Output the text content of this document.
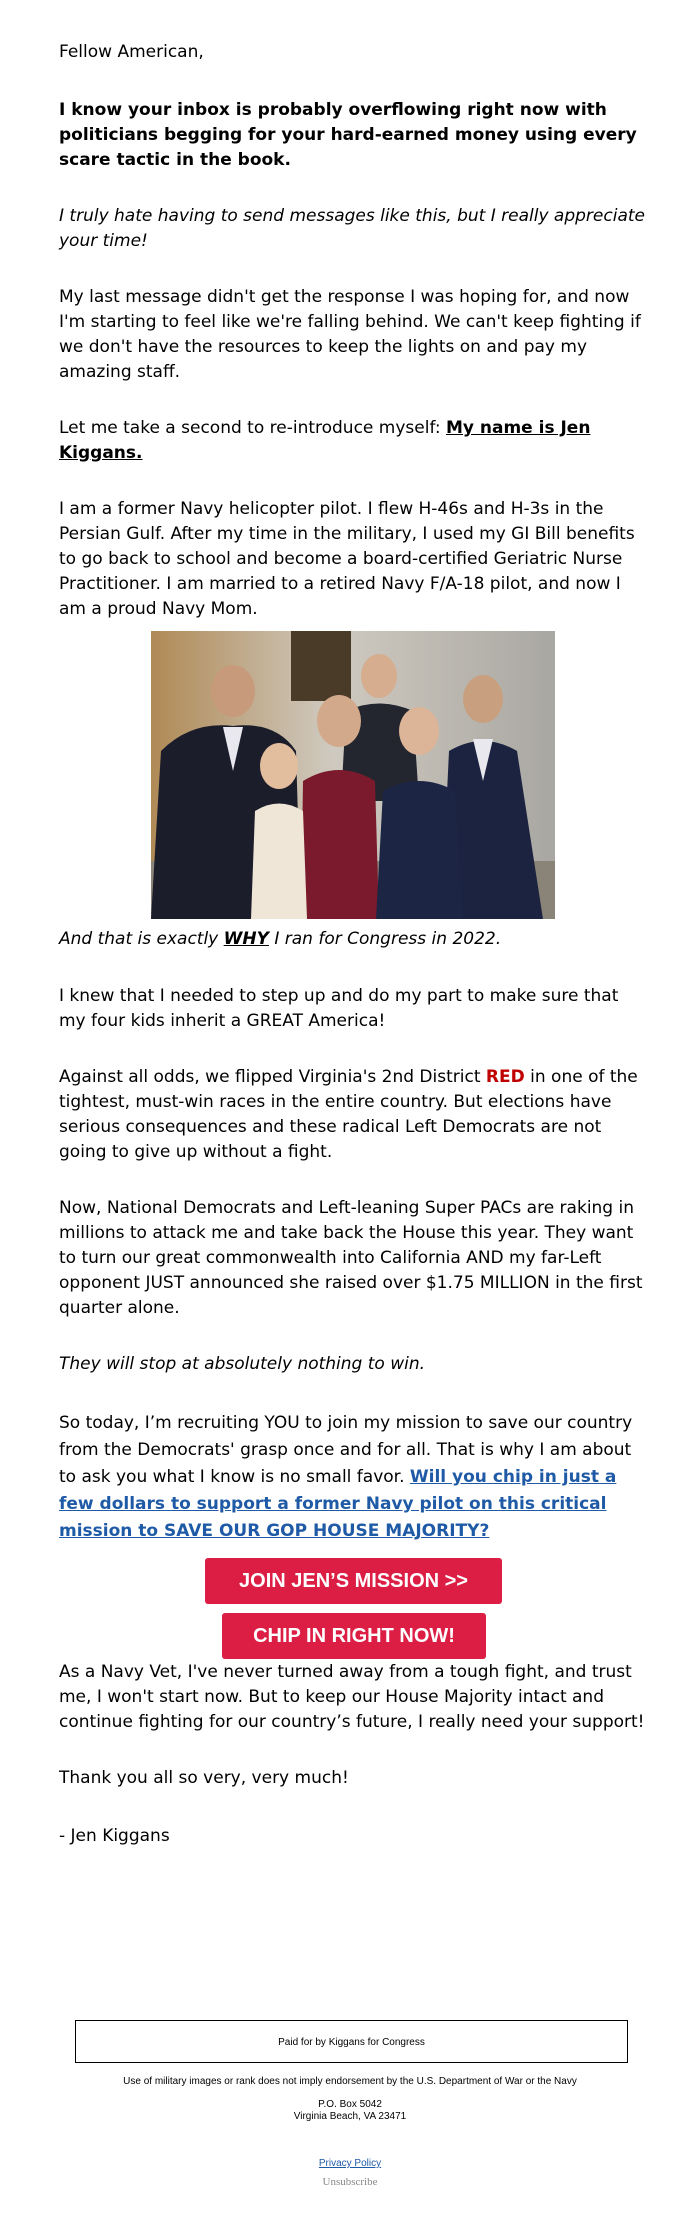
Fellow American,

I know your inbox is probably overflowing right now with politicians begging for your hard-earned money using every scare tactic in the book.

I truly hate having to send messages like this, but I really appreciate your time!

My last message didn't get the response I was hoping for, and now I'm starting to feel like we're falling behind. We can't keep fighting if we don't have the resources to keep the lights on and pay my amazing staff.

Let me take a second to re-introduce myself: My name is Jen Kiggans.

I am a former Navy helicopter pilot. I flew H-46s and H-3s in the Persian Gulf. After my time in the military, I used my GI Bill benefits to go back to school and become a board-certified Geriatric Nurse Practitioner. I am married to a retired Navy F/A-18 pilot, and now I am a proud Navy Mom.

And that is exactly WHY I ran for Congress in 2022.

I knew that I needed to step up and do my part to make sure that my four kids inherit a GREAT America!

Against all odds, we flipped Virginia's 2nd District RED in one of the tightest, must-win races in the entire country. But elections have serious consequences and these radical Left Democrats are not going to give up without a fight.

Now, National Democrats and Left-leaning Super PACs are raking in millions to attack me and take back the House this year. They want to turn our great commonwealth into California AND my far-Left opponent JUST announced she raised over $1.75 MILLION in the first quarter alone.

They will stop at absolutely nothing to win.

So today, I’m recruiting YOU to join my mission to save our country from the Democrats' grasp once and for all. That is why I am about to ask you what I know is no small favor. Will you chip in just a few dollars to support a former Navy pilot on this critical mission to SAVE OUR GOP HOUSE MAJORITY?

As a Navy Vet, I've never turned away from a tough fight, and trust me, I won't start now. But to keep our House Majority intact and continue fighting for our country’s future, I really need your support!

Thank you all so very, very much!

- Jen Kiggans

JOIN JEN’S MISSION >>
CHIP IN RIGHT NOW!
Paid for by Kiggans for Congress
Use of military images or rank does not imply endorsement by the U.S. Department of War or the Navy
P.O. Box 5042
Virginia Beach, VA 23471
Privacy Policy
Unsubscribe
